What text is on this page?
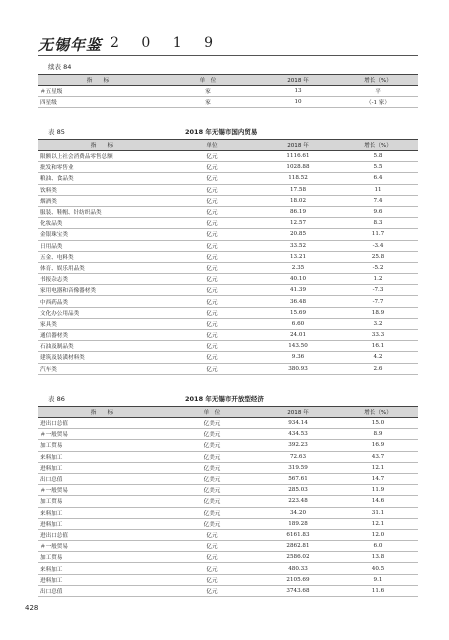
无锡年鉴 2 0 1 9
续表 84
指　　标	单　位	2018 年	增长（%）
＃五星级	家	13	平
四星级	家	10	（-1 家）
表 85	2018 年无锡市国内贸易
指　　标	单位	2018 年	增长（%）
限额以上社会消费品零售总额	亿元	1116.61	5.8
批发和零售业	亿元	1028.88	5.5
粮油、食品类	亿元	118.52	6.4
饮料类	亿元	17.58	11
烟酒类	亿元	18.02	7.4
服装、鞋帽、针纺织品类	亿元	86.19	9.6
化妆品类	亿元	12.57	8.3
金银珠宝类	亿元	20.85	11.7
日用品类	亿元	33.52	-3.4
五金、电料类	亿元	13.21	25.8
体育、娱乐用品类	亿元	2.35	-5.2
书报杂志类	亿元	40.10	1.2
家用电器和音像器材类	亿元	41.39	-7.3
中西药品类	亿元	36.48	-7.7
文化办公用品类	亿元	15.69	18.9
家具类	亿元	6.60	3.2
通信器材类	亿元	24.01	33.3
石油及制品类	亿元	143.50	16.1
建筑及装潢材料类	亿元	9.36	4.2
汽车类	亿元	380.93	2.6
表 86	2018 年无锡市开放型经济
指　　标	单　位	2018 年	增长（%）
进出口总值	亿美元	934.14	15.0
＃一般贸易	亿美元	434.53	8.9
加工贸易	亿美元	392.23	16.9
来料加工	亿美元	72.63	43.7
进料加工	亿美元	319.59	12.1
出口总值	亿美元	567.61	14.7
＃一般贸易	亿美元	285.03	11.9
加工贸易	亿美元	223.48	14.6
来料加工	亿美元	34.20	31.1
进料加工	亿美元	189.28	12.1
进出口总值	亿元	6161.83	12.0
＃一般贸易	亿元	2862.81	6.0
加工贸易	亿元	2586.02	13.8
来料加工	亿元	480.33	40.5
进料加工	亿元	2105.69	9.1
出口总值	亿元	3743.68	11.6
428
